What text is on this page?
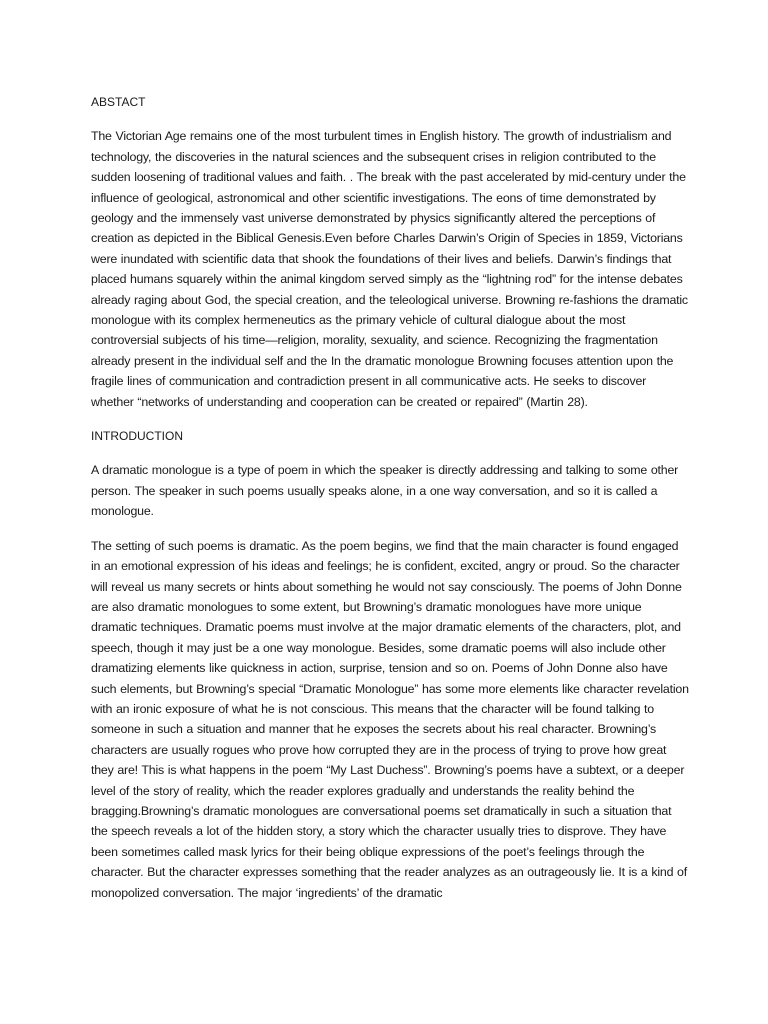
ABSTACT

The Victorian Age remains one of the most turbulent times in English history. The growth of industrialism and technology, the discoveries in the natural sciences and the subsequent crises in religion contributed to the sudden loosening of traditional values and faith. . The break with the past accelerated by mid-century under the influence of geological, astronomical and other scientific investigations. The eons of time demonstrated by geology and the immensely vast universe demonstrated by physics significantly altered the perceptions of creation as depicted in the Biblical Genesis.Even before Charles Darwin’s Origin of Species in 1859, Victorians were inundated with scientific data that shook the foundations of their lives and beliefs. Darwin’s findings that placed humans squarely within the animal kingdom served simply as the “lightning rod” for the intense debates already raging about God, the special creation, and the teleological universe. Browning re-fashions the dramatic monologue with its complex hermeneutics as the primary vehicle of cultural dialogue about the most controversial subjects of his time—religion, morality, sexuality, and science. Recognizing the fragmentation already present in the individual self and the In the dramatic monologue Browning focuses attention upon the fragile lines of communication and contradiction present in all communicative acts. He seeks to discover whether “networks of understanding and cooperation can be created or repaired” (Martin 28).

INTRODUCTION

A dramatic monologue is a type of poem in which the speaker is directly addressing and talking to some other person. The speaker in such poems usually speaks alone, in a one way conversation, and so it is called a monologue.

The setting of such poems is dramatic. As the poem begins, we find that the main character is found engaged in an emotional expression of his ideas and feelings; he is confident, excited, angry or proud. So the character will reveal us many secrets or hints about something he would not say consciously. The poems of John Donne are also dramatic monologues to some extent, but Browning’s dramatic monologues have more unique dramatic techniques. Dramatic poems must involve at the major dramatic elements of the characters, plot, and speech, though it may just be a one way monologue. Besides, some dramatic poems will also include other dramatizing elements like quickness in action, surprise, tension and so on. Poems of John Donne also have such elements, but Browning’s special “Dramatic Monologue” has some more elements like character revelation with an ironic exposure of what he is not conscious. This means that the character will be found talking to someone in such a situation and manner that he exposes the secrets about his real character. Browning’s characters are usually rogues who prove how corrupted they are in the process of trying to prove how great they are! This is what happens in the poem “My Last Duchess”. Browning’s poems have a subtext, or a deeper level of the story of reality, which the reader explores gradually and understands the reality behind the bragging.Browning’s dramatic monologues are conversational poems set dramatically in such a situation that the speech reveals a lot of the hidden story, a story which the character usually tries to disprove. They have been sometimes called mask lyrics for their being oblique expressions of the poet’s feelings through the character. But the character expresses something that the reader analyzes as an outrageously lie. It is a kind of monopolized conversation. The major ‘ingredients’ of the dramatic
